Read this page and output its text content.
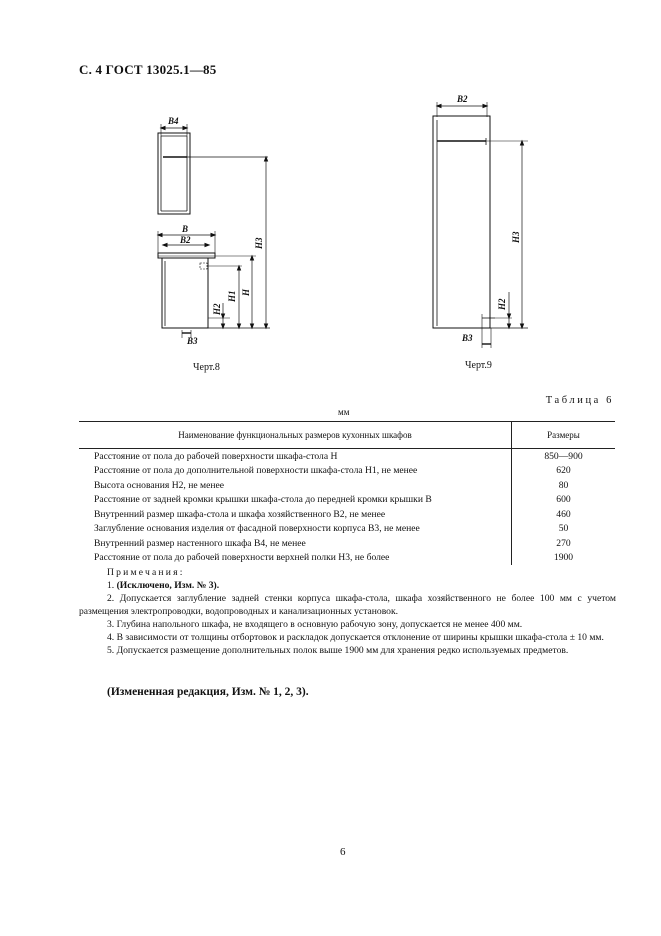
С. 4 ГОСТ 13025.1—85
B4
B
B2
B3
H3
H
H1
H2
Черт.8
B2
H3
H2
B3
Черт.9
Таблица 6
мм
Наименование функциональных размеров кухонных шкафов	Размеры
Расстояние от пола до рабочей поверхности шкафа-стола H	850—900
Расстояние от пола до дополнительной поверхности шкафа-стола H1, не менее	620
Высота основания H2, не менее	80
Расстояние от задней кромки крышки шкафа-стола до передней кромки крышки B	600
Внутренний размер шкафа-стола и шкафа хозяйственного B2, не менее	460
Заглубление основания изделия от фасадной поверхности корпуса B3, не менее	50
Внутренний размер настенного шкафа B4, не менее	270
Расстояние от пола до рабочей поверхности верхней полки H3, не более	1900

Примечания:

1. (Исключено, Изм. № 3).

2. Допускается заглубление задней стенки корпуса шкафа-стола, шкафа хозяйственного не более 100 мм с учетом размещения электропроводки, водопроводных и канализационных установок.

3. Глубина напольного шкафа, не входящего в основную рабочую зону, допускается не менее 400 мм.

4. В зависимости от толщины отбортовок и раскладок допускается отклонение от ширины крышки шкафа-стола ± 10 мм.

5. Допускается размещение дополнительных полок выше 1900 мм для хранения редко используемых предметов.

(Измененная редакция, Изм. № 1, 2, 3).
6
